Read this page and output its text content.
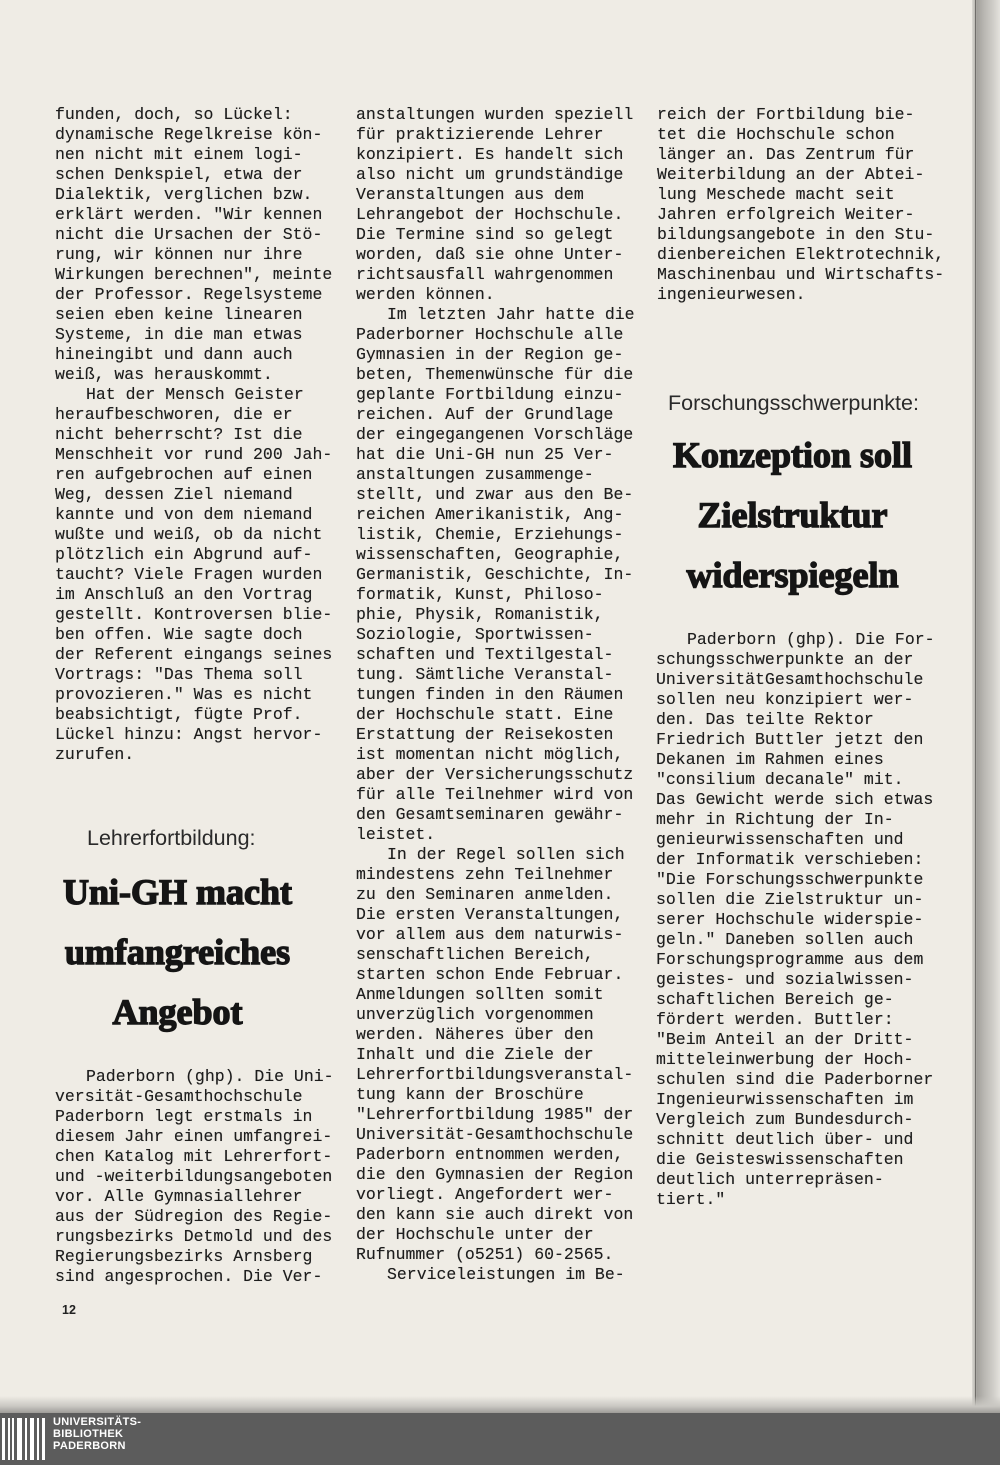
funden, doch, so Lückel:
dynamische Regelkreise kön-
nen nicht mit einem logi-
schen Denkspiel, etwa der
Dialektik, verglichen bzw.
erklärt werden. "Wir kennen
nicht die Ursachen der Stö-
rung, wir können nur ihre
Wirkungen berechnen", meinte
der Professor. Regelsysteme
seien eben keine linearen
Systeme, in die man etwas
hineingibt und dann auch
weiß, was herauskommt.
Hat der Mensch Geister
heraufbeschworen, die er
nicht beherrscht? Ist die
Menschheit vor rund 200 Jah-
ren aufgebrochen auf einen
Weg, dessen Ziel niemand
kannte und von dem niemand
wußte und weiß, ob da nicht
plötzlich ein Abgrund auf-
taucht? Viele Fragen wurden
im Anschluß an den Vortrag
gestellt. Kontroversen blie-
ben offen. Wie sagte doch
der Referent eingangs seines
Vortrags: "Das Thema soll
provozieren." Was es nicht
beabsichtigt, fügte Prof.
Lückel hinzu: Angst hervor-
zurufen.
Lehrerfortbildung:
Uni-GH macht
umfangreiches
Angebot
Paderborn (ghp). Die Uni-
versität-Gesamthochschule
Paderborn legt erstmals in
diesem Jahr einen umfangrei-
chen Katalog mit Lehrerfort-
und -weiterbildungsangeboten
vor. Alle Gymnasiallehrer
aus der Südregion des Regie-
rungsbezirks Detmold und des
Regierungsbezirks Arnsberg
sind angesprochen. Die Ver-
12
anstaltungen wurden speziell
für praktizierende Lehrer
konzipiert. Es handelt sich
also nicht um grundständige
Veranstaltungen aus dem
Lehrangebot der Hochschule.
Die Termine sind so gelegt
worden, daß sie ohne Unter-
richtsausfall wahrgenommen
werden können.
Im letzten Jahr hatte die
Paderborner Hochschule alle
Gymnasien in der Region ge-
beten, Themenwünsche für die
geplante Fortbildung einzu-
reichen. Auf der Grundlage
der eingegangenen Vorschläge
hat die Uni-GH nun 25 Ver-
anstaltungen zusammenge-
stellt, und zwar aus den Be-
reichen Amerikanistik, Ang-
listik, Chemie, Erziehungs-
wissenschaften, Geographie,
Germanistik, Geschichte, In-
formatik, Kunst, Philoso-
phie, Physik, Romanistik,
Soziologie, Sportwissen-
schaften und Textilgestal-
tung. Sämtliche Veranstal-
tungen finden in den Räumen
der Hochschule statt. Eine
Erstattung der Reisekosten
ist momentan nicht möglich,
aber der Versicherungsschutz
für alle Teilnehmer wird von
den Gesamtseminaren gewähr-
leistet.
In der Regel sollen sich
mindestens zehn Teilnehmer
zu den Seminaren anmelden.
Die ersten Veranstaltungen,
vor allem aus dem naturwis-
senschaftlichen Bereich,
starten schon Ende Februar.
Anmeldungen sollten somit
unverzüglich vorgenommen
werden. Näheres über den
Inhalt und die Ziele der
Lehrerfortbildungsveranstal-
tung kann der Broschüre
"Lehrerfortbildung 1985" der
Universität-Gesamthochschule
Paderborn entnommen werden,
die den Gymnasien der Region
vorliegt. Angefordert wer-
den kann sie auch direkt von
der Hochschule unter der
Rufnummer (o5251) 60-2565.
Serviceleistungen im Be-
reich der Fortbildung bie-
tet die Hochschule schon
länger an. Das Zentrum für
Weiterbildung an der Abtei-
lung Meschede macht seit
Jahren erfolgreich Weiter-
bildungsangebote in den Stu-
dienbereichen Elektrotechnik,
Maschinenbau und Wirtschafts-
ingenieurwesen.
Forschungsschwerpunkte:
Konzeption soll
Zielstruktur
widerspiegeln
Paderborn (ghp). Die For-
schungsschwerpunkte an der
UniversitätGesamthochschule
sollen neu konzipiert wer-
den. Das teilte Rektor
Friedrich Buttler jetzt den
Dekanen im Rahmen eines
"consilium decanale" mit.
Das Gewicht werde sich etwas
mehr in Richtung der In-
genieurwissenschaften und
der Informatik verschieben:
"Die Forschungsschwerpunkte
sollen die Zielstruktur un-
serer Hochschule widerspie-
geln." Daneben sollen auch
Forschungsprogramme aus dem
geistes- und sozialwissen-
schaftlichen Bereich ge-
fördert werden. Buttler:
"Beim Anteil an der Dritt-
mitteleinwerbung der Hoch-
schulen sind die Paderborner
Ingenieurwissenschaften im
Vergleich zum Bundesdurch-
schnitt deutlich über- und
die Geisteswissenschaften
deutlich unterrepräsen-
tiert."
UNIVERSITÄTS-
BIBLIOTHEK
PADERBORN
